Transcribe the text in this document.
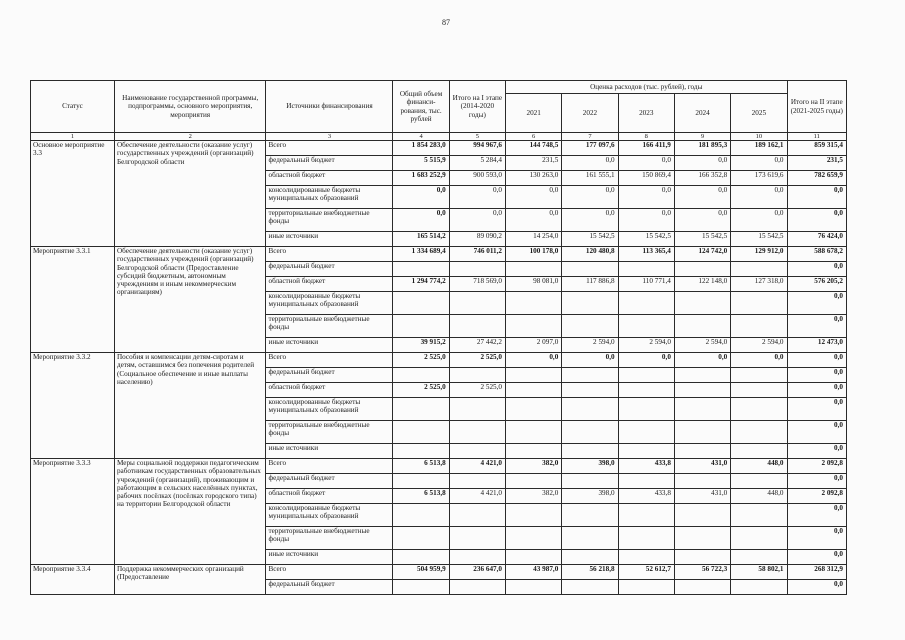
87
Статус	Наименование государственной программы, подпрограммы, основного мероприятия, мероприятия	Источники финансирования	Общий объем финанси-рования, тыс. рублей	Итого на I этапе (2014-2020 годы)	Оценка расходов (тыс. рублей), годы					Итого на II этапе (2021-2025 годы)
					2021	2022	2023	2024	2025	
1	2	3	4	5	6	7	8	9	10	11
Основное мероприятие 3.3	Обеспечение деятельности (оказание услуг) государственных учреждений (организаций) Белгородской области	Всего	1 854 283,0	994 967,6	144 748,5	177 097,6	166 411,9	181 895,3	189 162,1	859 315,4
		федеральный бюджет	5 515,9	5 284,4	231,5	0,0	0,0	0,0	0,0	231,5
		областной бюджет	1 683 252,9	900 593,0	130 263,0	161 555,1	150 869,4	166 352,8	173 619,6	782 659,9
		консолидированные бюджеты муниципальных образований	0,0	0,0	0,0	0,0	0,0	0,0	0,0	0,0
		территориальные внебюджетные фонды	0,0	0,0	0,0	0,0	0,0	0,0	0,0	0,0
		иные источники	165 514,2	89 090,2	14 254,0	15 542,5	15 542,5	15 542,5	15 542,5	76 424,0
Мероприятие 3.3.1	Обеспечение деятельности (оказание услуг) государственных учреждений (организаций) Белгородской области (Предоставление субсидий бюджетным, автономным учреждениям и иным некоммерческим организациям)	Всего	1 334 689,4	746 011,2	100 178,0	120 480,8	113 365,4	124 742,0	129 912,0	588 678,2
		федеральный бюджет								0,0
		областной бюджет	1 294 774,2	718 569,0	98 081,0	117 886,8	110 771,4	122 148,0	127 318,0	576 205,2
		консолидированные бюджеты муниципальных образований								0,0
		территориальные внебюджетные фонды								0,0
		иные источники	39 915,2	27 442,2	2 097,0	2 594,0	2 594,0	2 594,0	2 594,0	12 473,0
Мероприятие 3.3.2	Пособия и компенсации детям-сиротам и детям, оставшимся без попечения родителей (Социальное обеспечение и иные выплаты населению)	Всего	2 525,0	2 525,0	0,0	0,0	0,0	0,0	0,0	0,0
		федеральный бюджет								0,0
		областной бюджет	2 525,0	2 525,0						0,0
		консолидированные бюджеты муниципальных образований								0,0
		территориальные внебюджетные фонды								0,0
		иные источники								0,0
Мероприятие 3.3.3	Меры социальной поддержки педагогическим работникам государственных образовательных учреждений (организаций), проживающим и работающим в сельских населённых пунктах, рабочих посёлках (посёлках городского типа) на территории Белгородской области	Всего	6 513,8	4 421,0	382,0	398,0	433,8	431,0	448,0	2 092,8
		федеральный бюджет								0,0
		областной бюджет	6 513,8	4 421,0	382,0	398,0	433,8	431,0	448,0	2 092,8
		консолидированные бюджеты муниципальных образований								0,0
		территориальные внебюджетные фонды								0,0
		иные источники								0,0
Мероприятие 3.3.4	Поддержка некоммерческих организаций (Предоставление	Всего	504 959,9	236 647,0	43 987,0	56 218,8	52 612,7	56 722,3	58 802,1	268 312,9
		федеральный бюджет								0,0
